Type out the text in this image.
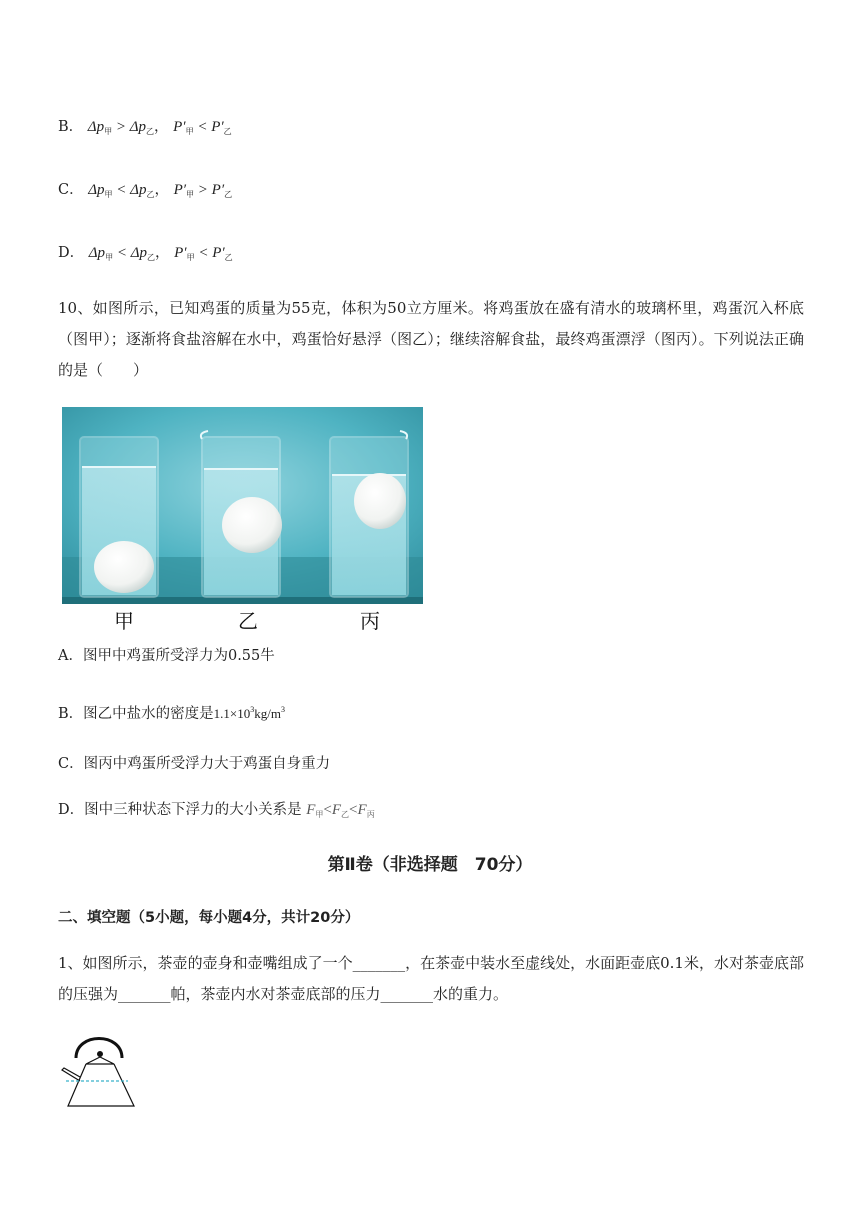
B． $\Delta p_甲 > \Delta p_乙$， $P'_甲 < P'_乙$
C． $\Delta p_甲 < \Delta p_乙$， $P'_甲 > P'_乙$
D． $\Delta p_甲 < \Delta p_乙$， $P'_甲 < P'_乙$
10、如图所示，已知鸡蛋的质量为55克，体积为50立方厘米。将鸡蛋放在盛有清水的玻璃杯里，鸡蛋沉入杯底（图甲）；逐渐将食盐溶解在水中，鸡蛋恰好悬浮（图乙）；继续溶解食盐，最终鸡蛋漂浮（图丙）。下列说法正确的是（　　）
甲	乙	丙
A．图甲中鸡蛋所受浮力为0.55牛
B．图乙中盐水的密度是$1.1\times 10^3kg/m^3$
C．图丙中鸡蛋所受浮力大于鸡蛋自身重力
D．图中三种状态下浮力的大小关系是 $F_甲<F_乙<F_丙$
第Ⅱ卷（非选择题　70分）
二、填空题（5小题，每小题4分，共计20分）
1、如图所示，茶壶的壶身和壶嘴组成了一个_______，在茶壶中装水至虚线处，水面距壶底0.1米，水对茶壶底部的压强为_______帕，茶壶内水对茶壶底部的压力_______水的重力。
